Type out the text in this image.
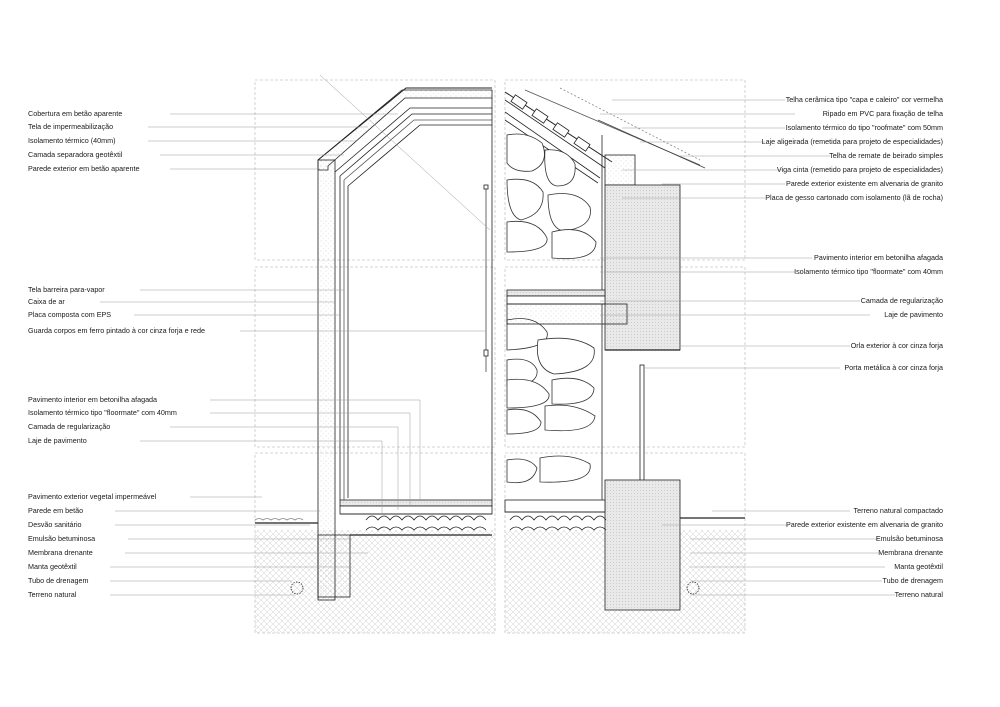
Cobertura em betão aparente
Tela de impermeabilização
Isolamento térmico (40mm)
Camada separadora geotêxtil
Parede exterior em betão aparente
Tela barreira para-vapor
Caixa de ar
Placa composta com EPS
Guarda corpos em ferro pintado à cor cinza forja e rede
Pavimento interior em betonilha afagada
Isolamento térmico tipo "floormate" com 40mm
Camada de regularização
Laje de pavimento
Pavimento exterior vegetal impermeável
Parede em betão
Desvão sanitário
Emulsão betuminosa
Membrana drenante
Manta geotêxtil
Tubo de drenagem
Terreno natural
Telha cerâmica tipo "capa e caleiro" cor vermelha
Ripado em PVC para fixação de telha
Isolamento térmico do tipo "roofmate" com 50mm
Laje aligeirada (remetida para projeto de especialidades)
Telha de remate de beirado simples
Viga cinta (remetido para projeto de especialidades)
Parede exterior existente em alvenaria de granito
Placa de gesso cartonado com isolamento (lã de rocha)
Pavimento interior em betonilha afagada
Isolamento térmico tipo "floormate" com 40mm
Camada de regularização
Laje de pavimento
Orla exterior à cor cinza forja
Porta metálica à cor cinza forja
Terreno natural compactado
Parede exterior existente em alvenaria de granito
Emulsão betuminosa
Membrana drenante
Manta geotêxtil
Tubo de drenagem
Terreno natural
